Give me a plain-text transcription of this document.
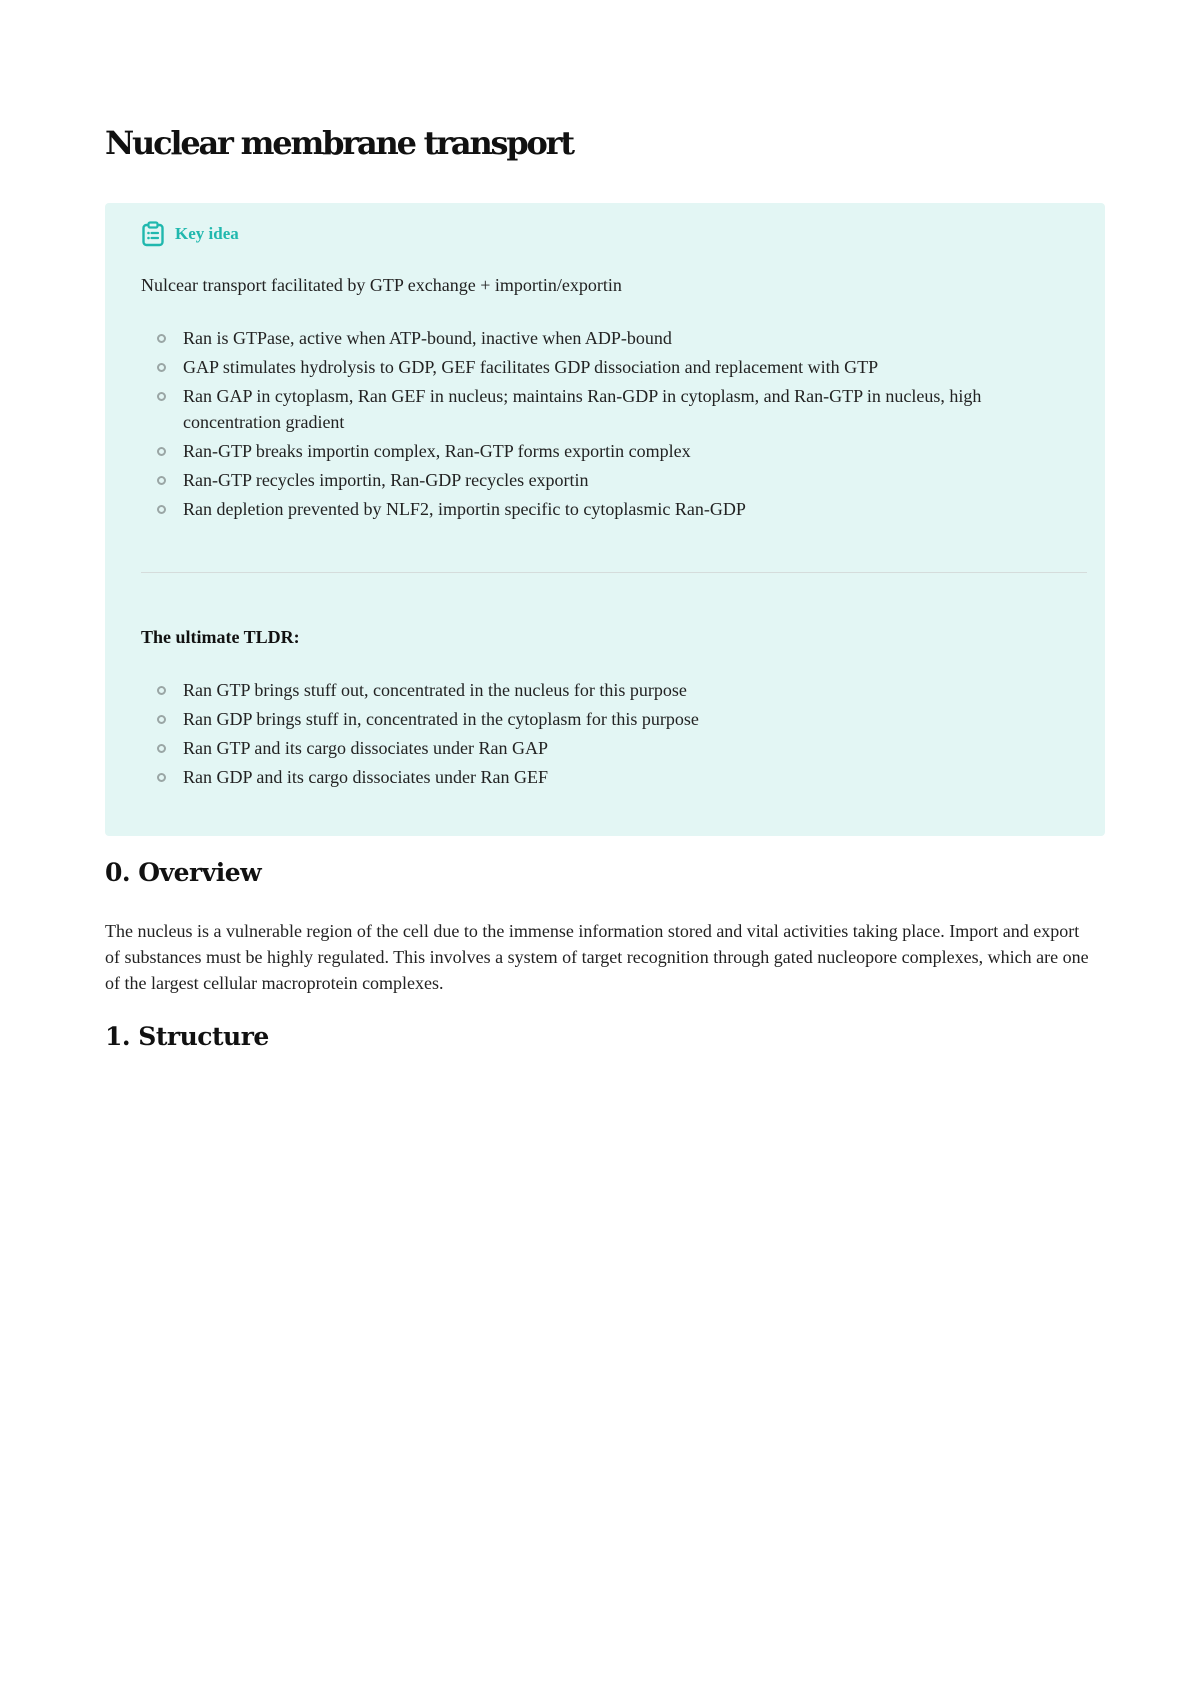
Nuclear membrane transport
Key idea

Nulcear transport facilitated by GTP exchange + importin/exportin

Ran is GTPase, active when ATP-bound, inactive when ADP-bound
GAP stimulates hydrolysis to GDP, GEF facilitates GDP dissociation and replacement with GTP
Ran GAP in cytoplasm, Ran GEF in nucleus; maintains Ran-GDP in cytoplasm, and Ran-GTP in nucleus, high concentration gradient
Ran-GTP breaks importin complex, Ran-GTP forms exportin complex
Ran-GTP recycles importin, Ran-GDP recycles exportin
Ran depletion prevented by NLF2, importin specific to cytoplasmic Ran-GDP

The ultimate TLDR:

Ran GTP brings stuff out, concentrated in the nucleus for this purpose
Ran GDP brings stuff in, concentrated in the cytoplasm for this purpose
Ran GTP and its cargo dissociates under Ran GAP
Ran GDP and its cargo dissociates under Ran GEF
0. Overview

The nucleus is a vulnerable region of the cell due to the immense information stored and vital activities taking place. Import and export of substances must be highly regulated. This involves a system of target recognition through gated nucleopore complexes, which are one of the largest cellular macroprotein complexes.

1. Structure
